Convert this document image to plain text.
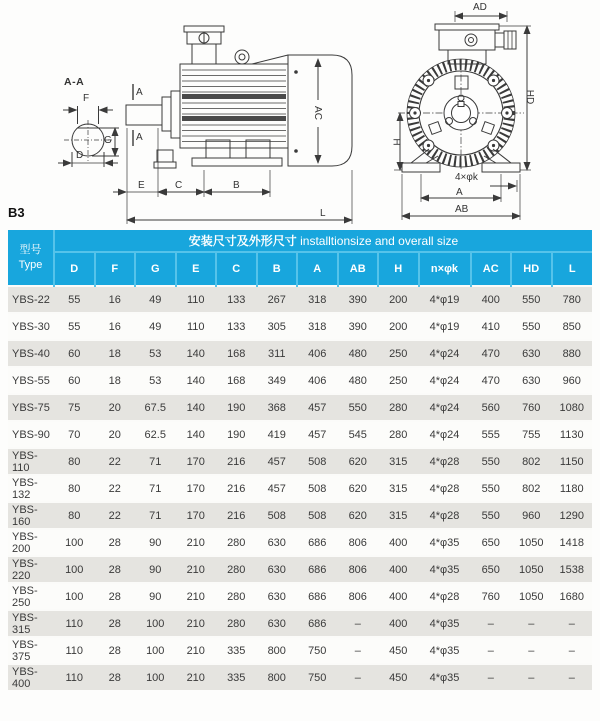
A-A
F
G
D
A
A
E	C	B
L
AC
AD
HD
H
4×φk
A
AB
B3
型号
Type	安装尺寸及外形尺寸 installtionsize and overall size												
	D	F	G	E	C	B	A	AB	H	n×φk	AC	HD	L
YBS-22	55	16	49	110	133	267	318	390	200	4*φ19	400	550	780
YBS-30	55	16	49	110	133	305	318	390	200	4*φ19	410	550	850
YBS-40	60	18	53	140	168	311	406	480	250	4*φ24	470	630	880
YBS-55	60	18	53	140	168	349	406	480	250	4*φ24	470	630	960
YBS-75	75	20	67.5	140	190	368	457	550	280	4*φ24	560	760	1080
YBS-90	70	20	62.5	140	190	419	457	545	280	4*φ24	555	755	1130
YBS-110	80	22	71	170	216	457	508	620	315	4*φ28	550	802	1150
YBS-132	80	22	71	170	216	457	508	620	315	4*φ28	550	802	1180
YBS-160	80	22	71	170	216	508	508	620	315	4*φ28	550	960	1290
YBS-200	100	28	90	210	280	630	686	806	400	4*φ35	650	1050	1418
YBS-220	100	28	90	210	280	630	686	806	400	4*φ35	650	1050	1538
YBS-250	100	28	90	210	280	630	686	806	400	4*φ28	760	1050	1680
YBS-315	110	28	100	210	280	630	686	–	400	4*φ35	–	–	–
YBS-375	110	28	100	210	335	800	750	–	450	4*φ35	–	–	–
YBS-400	110	28	100	210	335	800	750	–	450	4*φ35	–	–	–
